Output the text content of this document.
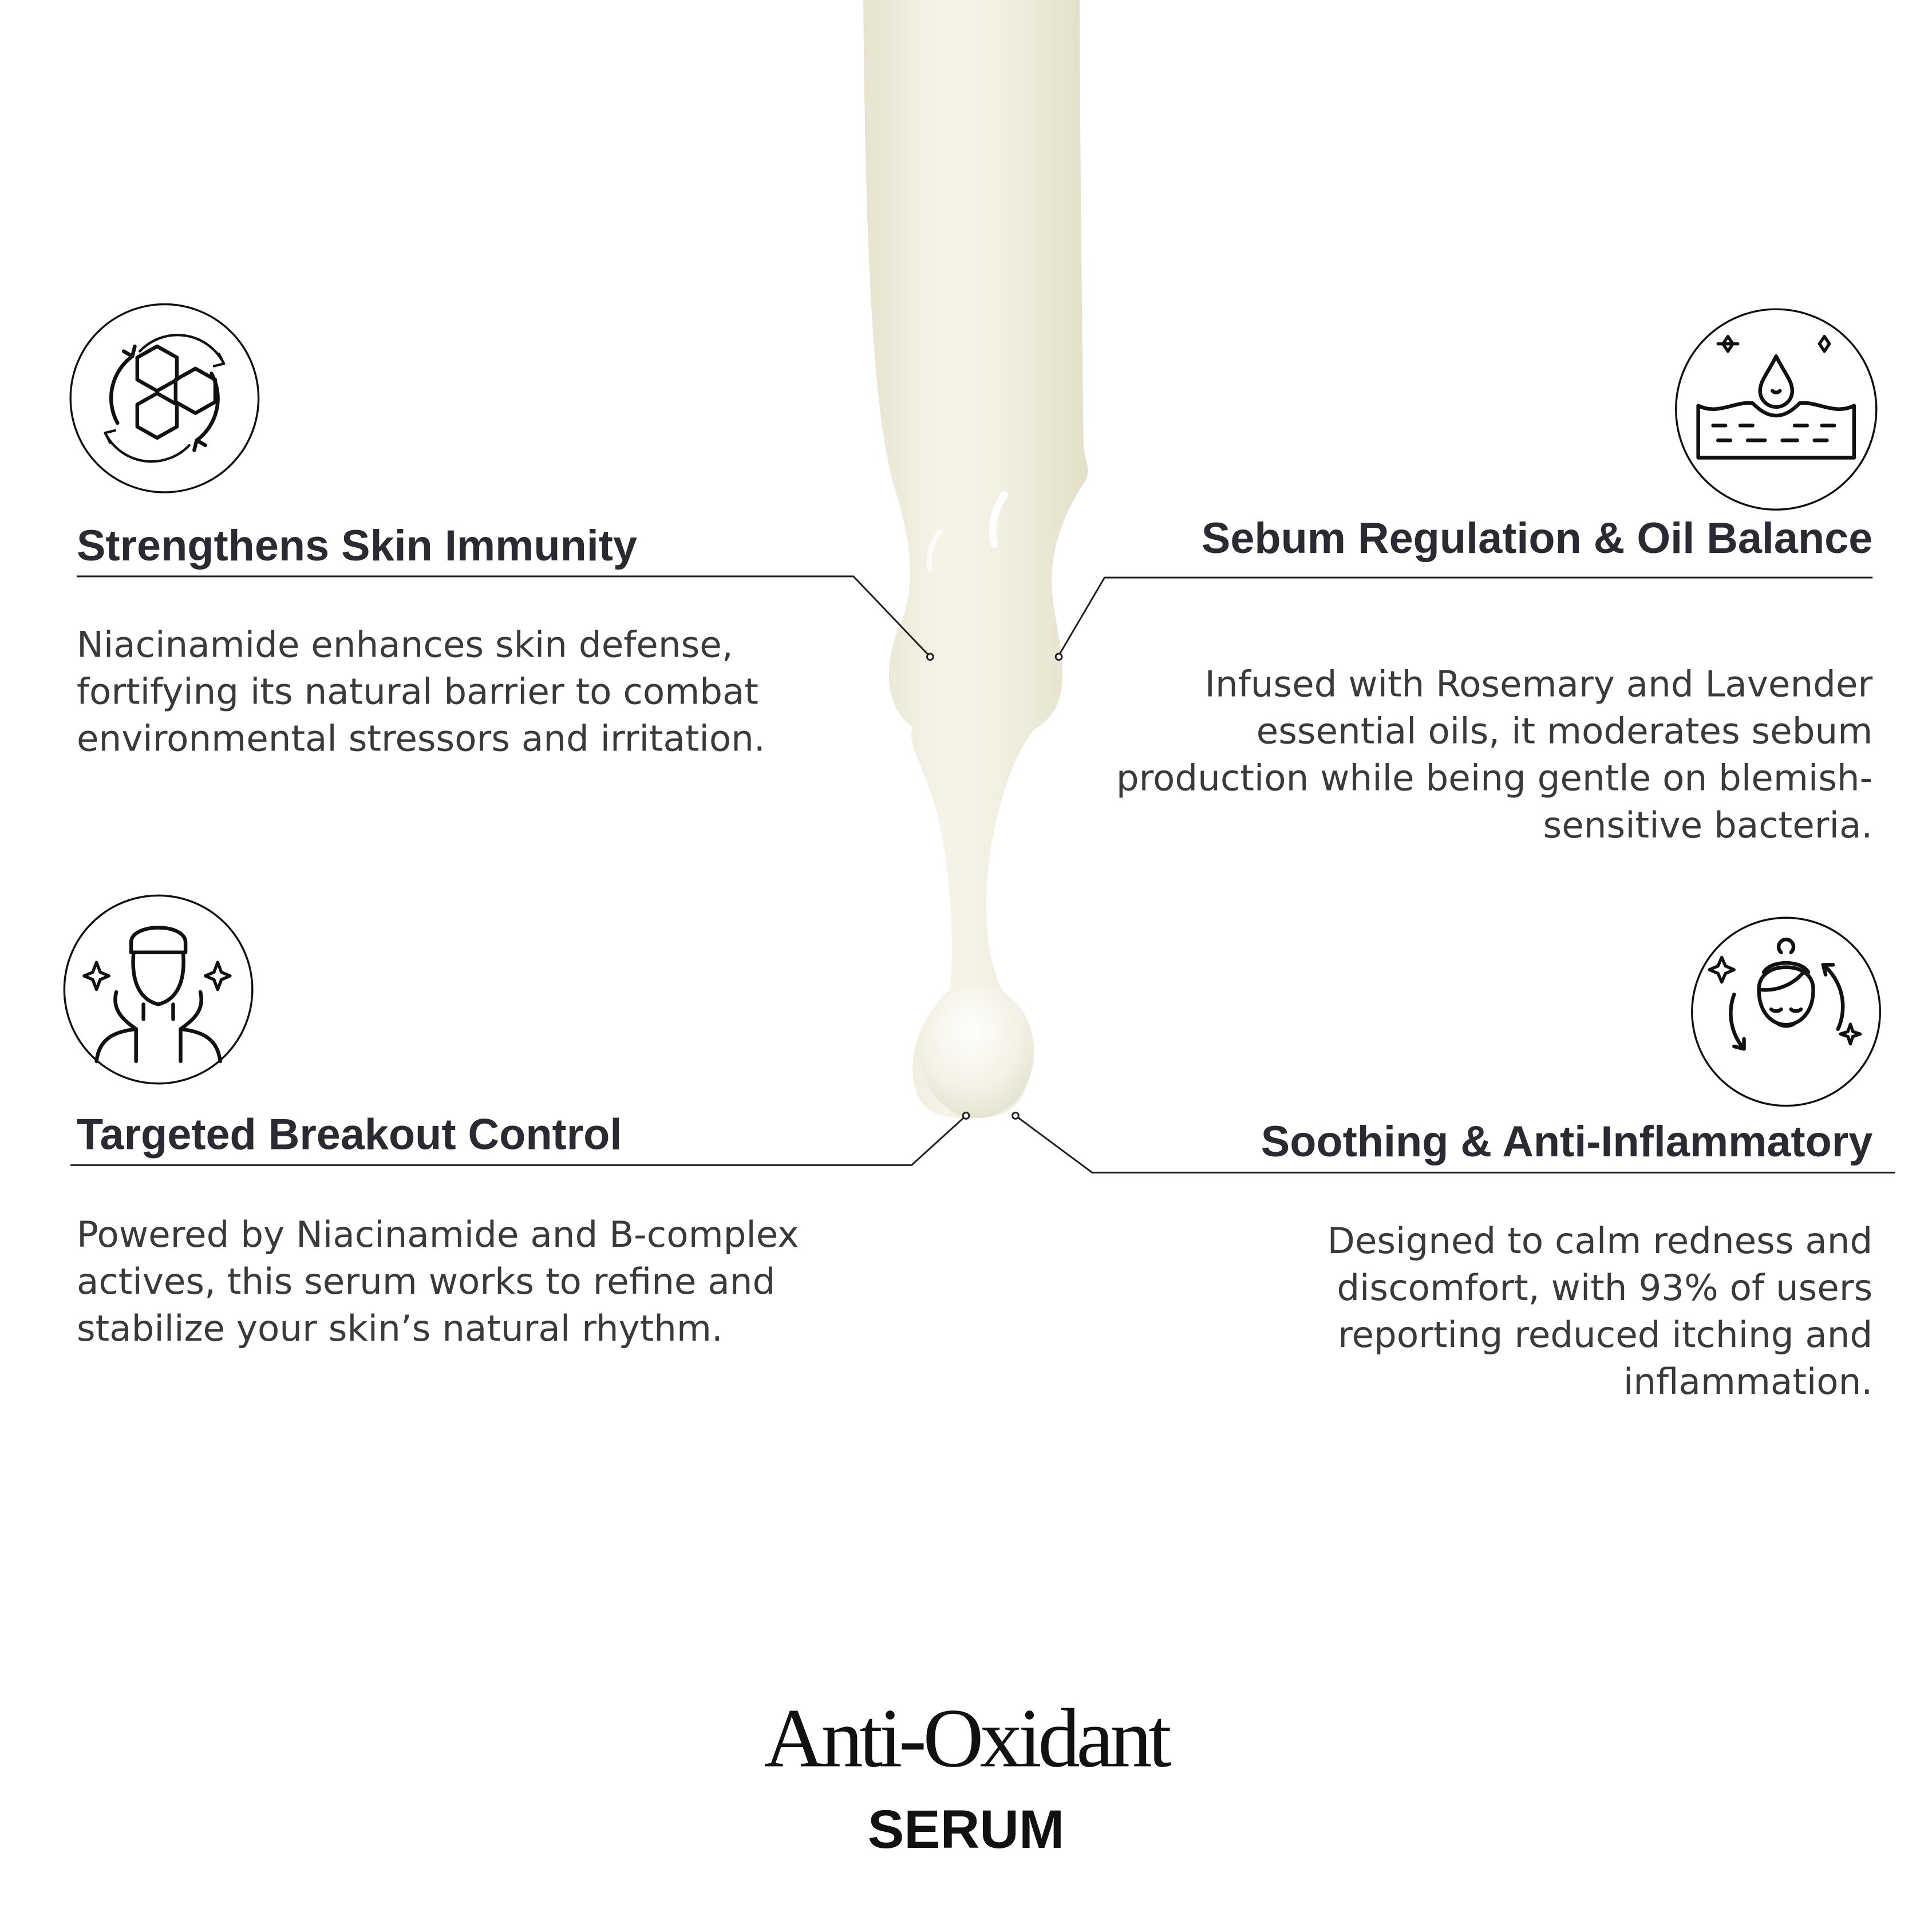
Strengthens Skin Immunity

Niacinamide enhances skin defense, fortifying its natural barrier to combat environmental stressors and irritation.

Sebum Regulation & Oil Balance

Infused with Rosemary and Lavender essential oils, it moderates sebum production while being gentle on blemish-sensitive bacteria.

Targeted Breakout Control

Powered by Niacinamide and B-complex actives, this serum works to refine and stabilize your skin’s natural rhythm.

Soothing & Anti-Inflammatory

Designed to calm redness and discomfort, with 93% of users reporting reduced itching and inflammation.

Anti-Oxidant
SERUM
